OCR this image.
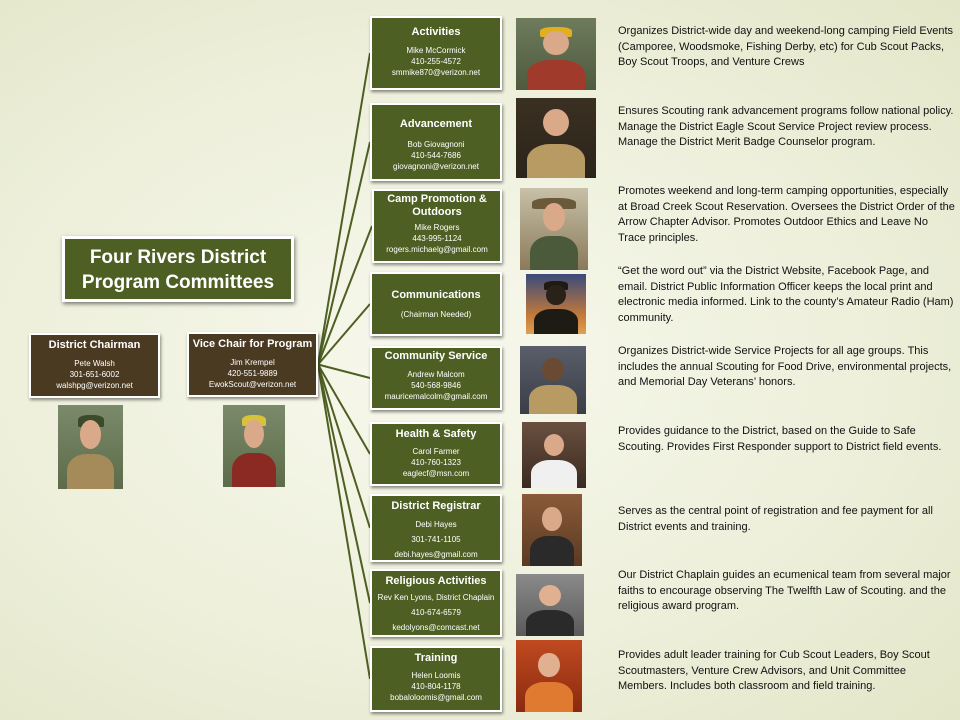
Four Rivers District Program Committees
District Chairman
Pete Walsh
301-651-6002
walshpg@verizon.net
Vice Chair for Program
Jim Krempel
420-551-9889
EwokScout@verizon.net
Activities
Mike McCormick
410-255-4572
smmike870@verizon.net
Advancement
Bob Giovagnoni
410-544-7686
giovagnoni@verizon.net
Camp Promotion & Outdoors
Mike Rogers
443-995-1124
rogers.michaelg@gmail.com
Communications
(Chairman Needed)
Community Service
Andrew Malcom
540-568-9846
mauricemalcolm@gmail.com
Health & Safety
Carol Farmer
410-760-1323
eaglecf@msn.com
District Registrar
Debi Hayes
301-741-1105
debi.hayes@gmail.com
Religious Activities
Rev Ken Lyons, District Chaplain
410-674-6579
kedolyons@comcast.net
Training
Helen Loomis
410-804-1178
bobaloloomis@gmail.com
Organizes District-wide day and weekend-long camping Field Events (Camporee, Woodsmoke, Fishing Derby, etc) for Cub Scout Packs, Boy Scout Troops, and Venture Crews
Ensures Scouting rank advancement programs follow national policy. Manage the District Eagle Scout Service Project review process. Manage the District Merit Badge Counselor program.
Promotes weekend and long-term camping opportunities, especially at Broad Creek Scout Reservation. Oversees the District Order of the Arrow Chapter Advisor. Promotes Outdoor Ethics and Leave No Trace principles.
“Get the word out” via the District Website, Facebook Page, and email. District Public Information Officer keeps the local print and electronic media informed. Link to the county’s Amateur Radio (Ham) community.
Organizes District-wide Service Projects for all age groups. This includes the annual Scouting for Food Drive, environmental projects, and Memorial Day Veterans’ honors.
Provides guidance to the District, based on the Guide to Safe Scouting. Provides First Responder support to District field events.
Serves as the central point of registration and fee payment for all District events and training.
Our District Chaplain guides an ecumenical team from several major faiths to encourage observing The Twelfth Law of Scouting. and the religious award program.
Provides adult leader training for Cub Scout Leaders, Boy Scout Scoutmasters, Venture Crew Advisors, and Unit Committee Members. Includes both classroom and field training.
